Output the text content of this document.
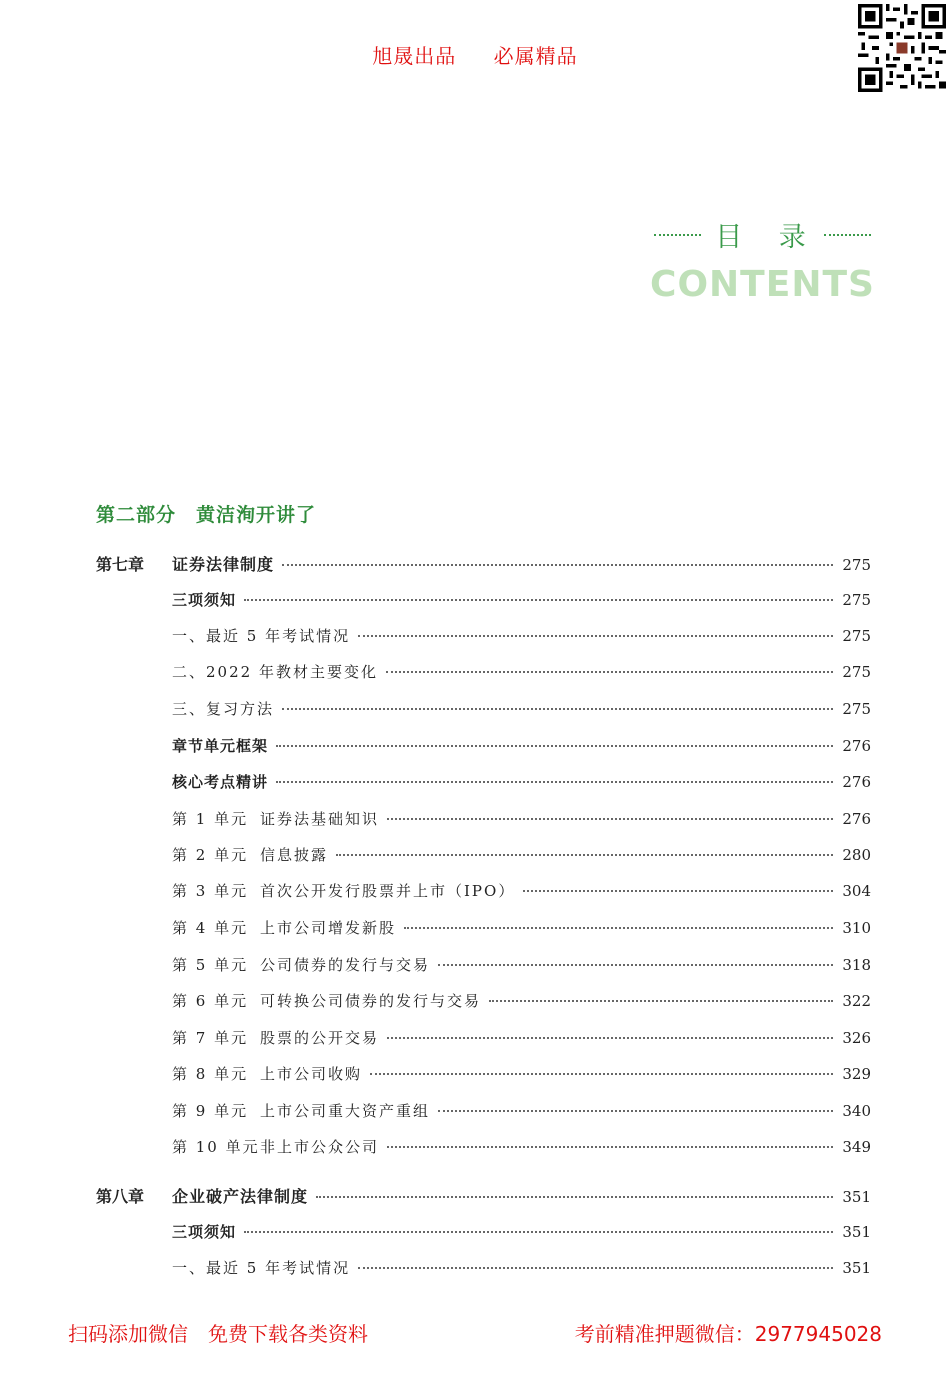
旭晟出品 必属精品
目 录
CONTENTS
第二部分 黄洁洵开讲了
第七章	证券法律制度	275
三项须知	275
一、最近 5 年考试情况	275
二、2022 年教材主要变化	275
三、复习方法	275
章节单元框架	276
核心考点精讲	276
第 1 单元 证券法基础知识	276
第 2 单元 信息披露	280
第 3 单元 首次公开发行股票并上市（IPO）	304
第 4 单元 上市公司增发新股	310
第 5 单元 公司债券的发行与交易	318
第 6 单元 可转换公司债券的发行与交易	322
第 7 单元 股票的公开交易	326
第 8 单元 上市公司收购	329
第 9 单元 上市公司重大资产重组	340
第 10 单元 非上市公众公司	349
第八章	企业破产法律制度	351
三项须知	351
一、最近 5 年考试情况	351
扫码添加微信 免费下载各类资料	考前精准押题微信：2977945028
